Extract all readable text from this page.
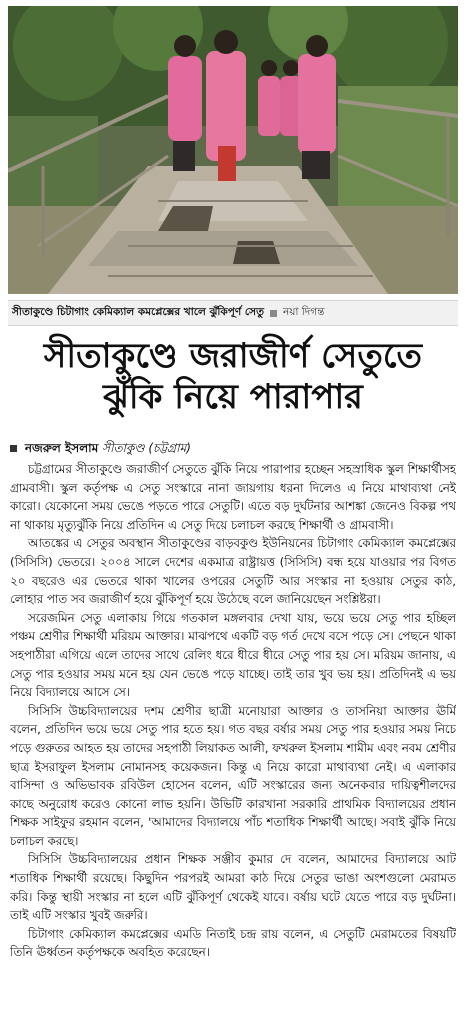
সীতাকুণ্ডে চিটাগাং কেমিক্যাল কমপ্লেক্সের খালে ঝুঁকিপূর্ণ সেতু নয়া দিগন্ত
সীতাকুণ্ডে জরাজীর্ণ সেতুতে
ঝুঁকি নিয়ে পারাপার
নজরুল ইসলাম সীতাকুণ্ড (চট্টগ্রাম)

চট্টগ্রামের সীতাকুণ্ডে জরাজীর্ণ সেতুতে ঝুঁকি নিয়ে পারাপার হচ্ছেন সহস্রাধিক স্কুল শিক্ষার্থীসহ গ্রামবাসী। স্কুল কর্তৃপক্ষ এ সেতু সংস্কারে নানা জায়গায় ধরনা দিলেও এ নিয়ে মাথাব্যথা নেই কারো। যেকোনো সময় ভেঙে পড়তে পারে সেতুটি। এতে বড় দুর্ঘটনার আশঙ্কা জেনেও বিকল্প পথ না থাকায় মৃত্যুঝুঁকি নিয়ে প্রতিদিন এ সেতু দিয়ে চলাচল করছে শিক্ষার্থী ও গ্রামবাসী।

আতঙ্কের এ সেতুর অবস্থান সীতাকুণ্ডের বাড়বকুণ্ড ইউনিয়নের চিটাগাং কেমিক্যাল কমপ্লেক্সের (সিসিসি) ভেতরে। ২০০৪ সালে দেশের একমাত্র রাষ্ট্রায়ত্ত (সিসিসি) বন্ধ হয়ে যাওয়ার পর বিগত ২০ বছরেও এর ভেতরে থাকা খালের ওপরের সেতুটি আর সংস্কার না হওয়ায় সেতুর কাঠ, লোহার পাত সব জরাজীর্ণ হয়ে ঝুঁকিপূর্ণ হয়ে উঠেছে বলে জানিয়েছেন সংশ্লিষ্টরা।

সরেজমিন সেতু এলাকায় গিয়ে গতকাল মঙ্গলবার দেখা যায়, ভয়ে ভয়ে সেতু পার হচ্ছিল পঞ্চম শ্রেণীর শিক্ষার্থী মরিয়ম আক্তার। মাঝপথে একটি বড় গর্ত দেখে বসে পড়ে সে। পেছনে থাকা সহপাঠীরা এগিয়ে এলে তাদের সাথে রেলিং ধরে ধীরে ধীরে সেতু পার হয় সে। মরিয়ম জানায়, এ সেতু পার হওয়ার সময় মনে হয় যেন ভেঙে পড়ে যাচ্ছে। তাই তার খুব ভয় হয়। প্রতিদিনই এ ভয় নিয়ে বিদ্যালয়ে আসে সে।

সিসিসি উচ্চবিদ্যালয়ের দশম শ্রেণীর ছাত্রী মনোয়ারা আক্তার ও তাসনিয়া আক্তার ঊর্মি বলেন, প্রতিদিন ভয়ে ভয়ে সেতু পার হতে হয়। গত বছর বর্ষার সময় সেতু পার হওয়ার সময় নিচে পড়ে গুরুতর আহত হয় তাদের সহপাঠী লিয়াকত আলী, ফখরুল ইসলাম শামীম এবং নবম শ্রেণীর ছাত্র ইসরাফুল ইসলাম নোমানসহ কয়েকজন। কিন্তু এ নিয়ে কারো মাথাব্যথা নেই। এ এলাকার বাসিন্দা ও অভিভাবক রবিউল হোসেন বলেন, এটি সংস্কারের জন্য অনেকবার দায়িত্বশীলদের কাছে অনুরোধ করেও কোনো লাভ হয়নি। উভিটি কারখানা সরকারি প্রাথমিক বিদ্যালয়ের প্রধান শিক্ষক সাইফুর রহমান বলেন, 'আমাদের বিদ্যালয়ে পাঁচ শতাধিক শিক্ষার্থী আছে। সবাই ঝুঁকি নিয়ে চলাচল করছে।

সিসিসি উচ্চবিদ্যালয়ের প্রধান শিক্ষক সঞ্জীব কুমার দে বলেন, আমাদের বিদ্যালয়ে আট শতাধিক শিক্ষার্থী রয়েছে। কিছুদিন পরপরই আমরা কাঠ দিয়ে সেতুর ভাঙা অংশগুলো মেরামত করি। কিন্তু স্থায়ী সংস্কার না হলে এটি ঝুঁকিপূর্ণ থেকেই যাবে। বর্ষায় ঘটে যেতে পারে বড় দুর্ঘটনা। তাই এটি সংস্কার খুবই জরুরি।

চিটাগাং কেমিক্যাল কমপ্লেক্সের এমডি নিতাই চন্দ্র রায় বলেন, এ সেতুটি মেরামতের বিষয়টি তিনি ঊর্ধ্বতন কর্তৃপক্ষকে অবহিত করেছেন।
